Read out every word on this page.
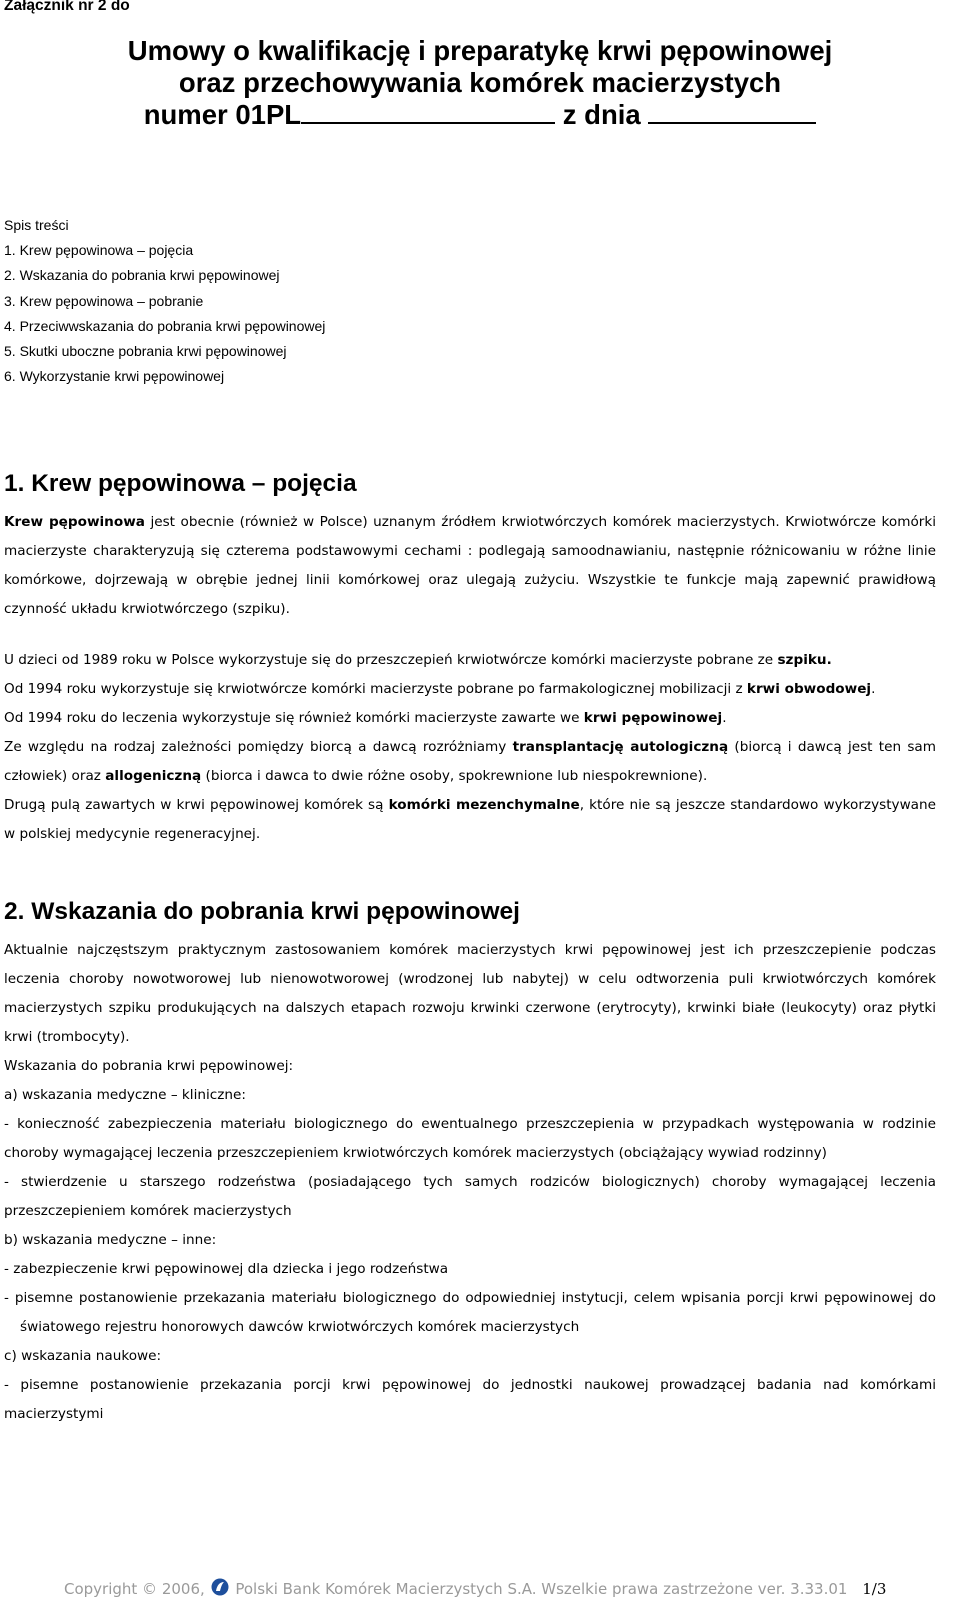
Załącznik nr 2 do
Umowy o kwalifikację i preparatykę krwi pępowinowej
oraz przechowywania komórek macierzystych
numer 01PL	z dnia
Spis treści
1. Krew pępowinowa – pojęcia
2. Wskazania do pobrania krwi pępowinowej
3. Krew pępowinowa – pobranie
4. Przeciwwskazania do pobrania krwi pępowinowej
5. Skutki uboczne pobrania krwi pępowinowej
6. Wykorzystanie krwi pępowinowej
1. Krew pępowinowa – pojęcia
Krew pępowinowa jest obecnie (również w Polsce) uznanym źródłem krwiotwórczych komórek macierzystych. Krwiotwórcze komórki macierzyste charakteryzują się czterema podstawowymi cechami : podlegają samoodnawianiu, następnie różnicowaniu w różne linie komórkowe, dojrzewają w obrębie jednej linii komórkowej oraz ulegają zużyciu. Wszystkie te funkcje mają zapewnić prawidłową czynność układu krwiotwórczego (szpiku).
U dzieci od 1989 roku w Polsce wykorzystuje się do przeszczepień krwiotwórcze komórki macierzyste pobrane ze szpiku.
Od 1994 roku wykorzystuje się krwiotwórcze komórki macierzyste pobrane po farmakologicznej mobilizacji z krwi obwodowej.
Od 1994 roku do leczenia wykorzystuje się również komórki macierzyste zawarte we krwi pępowinowej.
Ze względu na rodzaj zależności pomiędzy biorcą a dawcą rozróżniamy transplantację autologiczną (biorcą i dawcą jest ten sam człowiek) oraz allogeniczną (biorca i dawca to dwie różne osoby, spokrewnione lub niespokrewnione).
Drugą pulą zawartych w krwi pępowinowej komórek są komórki mezenchymalne, które nie są jeszcze standardowo wykorzystywane w polskiej medycynie regeneracyjnej.
2. Wskazania do pobrania krwi pępowinowej
Aktualnie najczęstszym praktycznym zastosowaniem komórek macierzystych krwi pępowinowej jest ich przeszczepienie podczas leczenia choroby nowotworowej lub nienowotworowej (wrodzonej lub nabytej) w celu odtworzenia puli krwiotwórczych komórek macierzystych szpiku produkujących na dalszych etapach rozwoju krwinki czerwone (erytrocyty), krwinki białe (leukocyty) oraz płytki krwi (trombocyty).
Wskazania do pobrania krwi pępowinowej:
a) wskazania medyczne – kliniczne:
- konieczność zabezpieczenia materiału biologicznego do ewentualnego przeszczepienia w przypadkach występowania w rodzinie choroby wymagającej leczenia przeszczepieniem krwiotwórczych komórek macierzystych (obciążający wywiad rodzinny)
- stwierdzenie u starszego rodzeństwa (posiadającego tych samych rodziców biologicznych) choroby wymagającej leczenia przeszczepieniem komórek macierzystych
b) wskazania medyczne – inne:
- zabezpieczenie krwi pępowinowej dla dziecka i jego rodzeństwa
- pisemne postanowienie przekazania materiału biologicznego do odpowiedniej instytucji, celem wpisania porcji krwi pępowinowej do światowego rejestru honorowych dawców krwiotwórczych komórek macierzystych
c) wskazania naukowe:
- pisemne postanowienie przekazania porcji krwi pępowinowej do jednostki naukowej prowadzącej badania nad komórkami macierzystymi
Copyright © 2006, Polski Bank Komórek Macierzystych S.A. Wszelkie prawa zastrzeżone ver. 3.33.01 1/3
